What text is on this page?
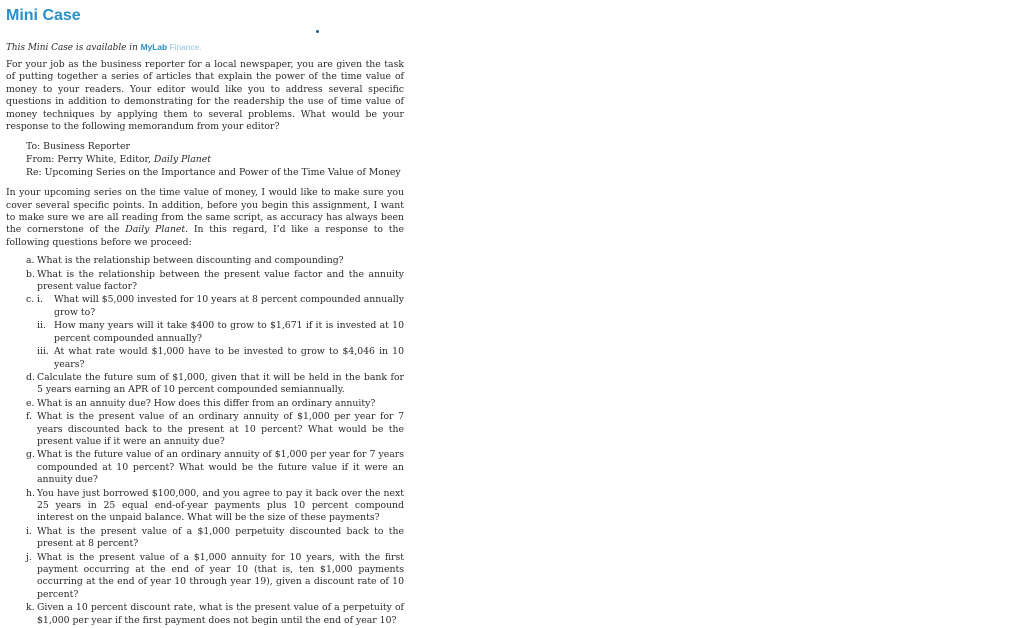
Mini Case
This Mini Case is available in MyLab Finance.
For your job as the business reporter for a local newspaper, you are given the task of putting together a series of articles that explain the power of the time value of money to your readers. Your editor would like you to address several specific questions in addition to demonstrating for the readership the use of time value of money techniques by applying them to several problems. What would be your response to the following memorandum from your editor?
To: Business Reporter
From: Perry White, Editor, Daily Planet
Re: Upcoming Series on the Importance and Power of the Time Value of Money
In your upcoming series on the time value of money, I would like to make sure you cover several specific points. In addition, before you begin this assignment, I want to make sure we are all reading from the same script, as accuracy has always been the cornerstone of the Daily Planet. In this regard, I’d like a response to the following questions before we proceed:
a. What is the relationship between discounting and compounding?
b. What is the relationship between the present value factor and the annuity present value factor?
c. i. What will $5,000 invested for 10 years at 8 percent compounded annually grow to?
ii. How many years will it take $400 to grow to $1,671 if it is invested at 10 percent compounded annually?
iii. At what rate would $1,000 have to be invested to grow to $4,046 in 10 years?
d. Calculate the future sum of $1,000, given that it will be held in the bank for 5 years earning an APR of 10 percent compounded semiannually.
e. What is an annuity due? How does this differ from an ordinary annuity?
f. What is the present value of an ordinary annuity of $1,000 per year for 7 years discounted back to the present at 10 percent? What would be the present value if it were an annuity due?
g. What is the future value of an ordinary annuity of $1,000 per year for 7 years compounded at 10 percent? What would be the future value if it were an annuity due?
h. You have just borrowed $100,000, and you agree to pay it back over the next 25 years in 25 equal end-of-year payments plus 10 percent compound interest on the unpaid balance. What will be the size of these payments?
i. What is the present value of a $1,000 perpetuity discounted back to the present at 8 percent?
j. What is the present value of a $1,000 annuity for 10 years, with the first payment occurring at the end of year 10 (that is, ten $1,000 payments occurring at the end of year 10 through year 19), given a discount rate of 10 percent?
k. Given a 10 percent discount rate, what is the present value of a perpetuity of $1,000 per year if the first payment does not begin until the end of year 10?
